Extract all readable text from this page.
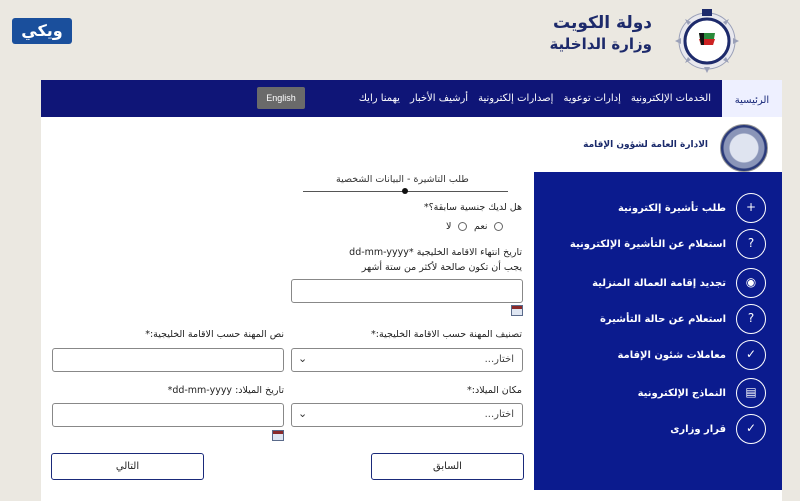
ويكي	دولة الكويت
وزارة الداخلية
الرئيسية
الخدمات الإلكترونية
إدارات توعوية
إصدارات إلكترونية
أرشيف الأخبار
يهمنا رايك
English
الادارة العامة لشؤون الإقامة
+
طلب تأشيرة إلكترونية
?
استعلام عن التأشيرة الإلكترونية
◉
تجديد إقامة العمالة المنزلية
?
استعلام عن حالة التأشيرة
✓
معاملات شئون الإقامة
▤
النماذج الإلكترونية
✓
قرار وزارى
طلب التاشيرة - البيانات الشخصية
هل لديك جنسية سابقة؟*
نعم
لا
تاريخ انتهاء الاقامة الخليجية *dd-mm-yyyy
يجب أن تكون صالحة لأكثر من ستة أشهر
تصنيف المهنة حسب الاقامة الخليجية:*
نص المهنة حسب الاقامة الخليجية:*
اختار...
⌄
مكان الميلاد:*
تاريخ الميلاد: dd-mm-yyyy*
اختار...
⌄
السابق
التالي
